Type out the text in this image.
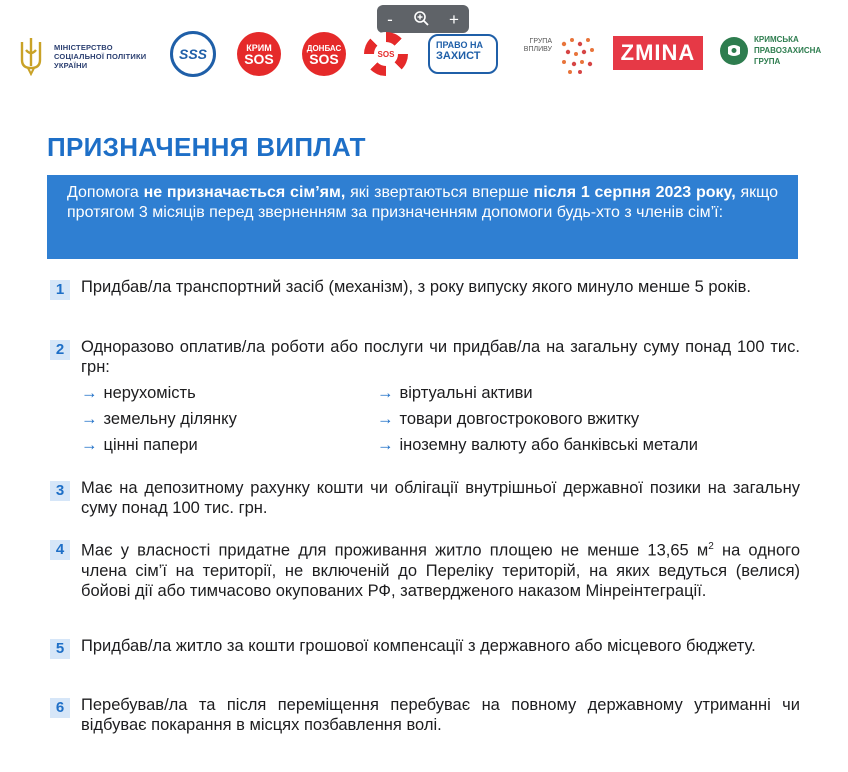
-	+
МІНІСТЕРСТВО СОЦІАЛЬНОЇ ПОЛІТИКИ УКРАЇНИ
SSS	КРИМ
SOS
ДОНБАС
SOS	SOS
ПРАВО НА
ЗАХИСТ
ГРУПА ВПЛИВУ	ZMINA
КРИМСЬКА ПРАВОЗАХИСНА ГРУПА
ПРИЗНАЧЕННЯ ВИПЛАТ
Допомога не призначається сім’ям, які звертаються вперше після 1 серпня 2023 року, якщо протягом 3 місяців перед зверненням за призначенням допомоги будь-хто з членів сім’ї:
1	Придбав/ла транспортний засіб (механізм), з року випуску якого минуло менше 5 років.
2	Одноразово оплатив/ла роботи або послуги чи придбав/ла на загальну суму понад 100 тис. грн:
→ нерухомість	→ віртуальні активи
→ земельну ділянку	→ товари довгострокового вжитку
→ цінні папери	→ іноземну валюту або банківські метали
3	Має на депозитному рахунку кошти чи облігації внутрішньої державної позики на загальну суму понад 100 тис. грн.
4	Має у власності придатне для проживання житло площею не менше 13,65 $м^2$ на одного члена сім’ї на території, не включеній до Переліку територій, на яких ведуться (велися) бойові дії або тимчасово окупованих РФ, затвердженого наказом Мінреінтеграції.
5	Придбав/ла житло за кошти грошової компенсації з державного або місцевого бюджету.
6	Перебував/ла та після переміщення перебуває на повному державному утриманні чи відбуває покарання в місцях позбавлення волі.
